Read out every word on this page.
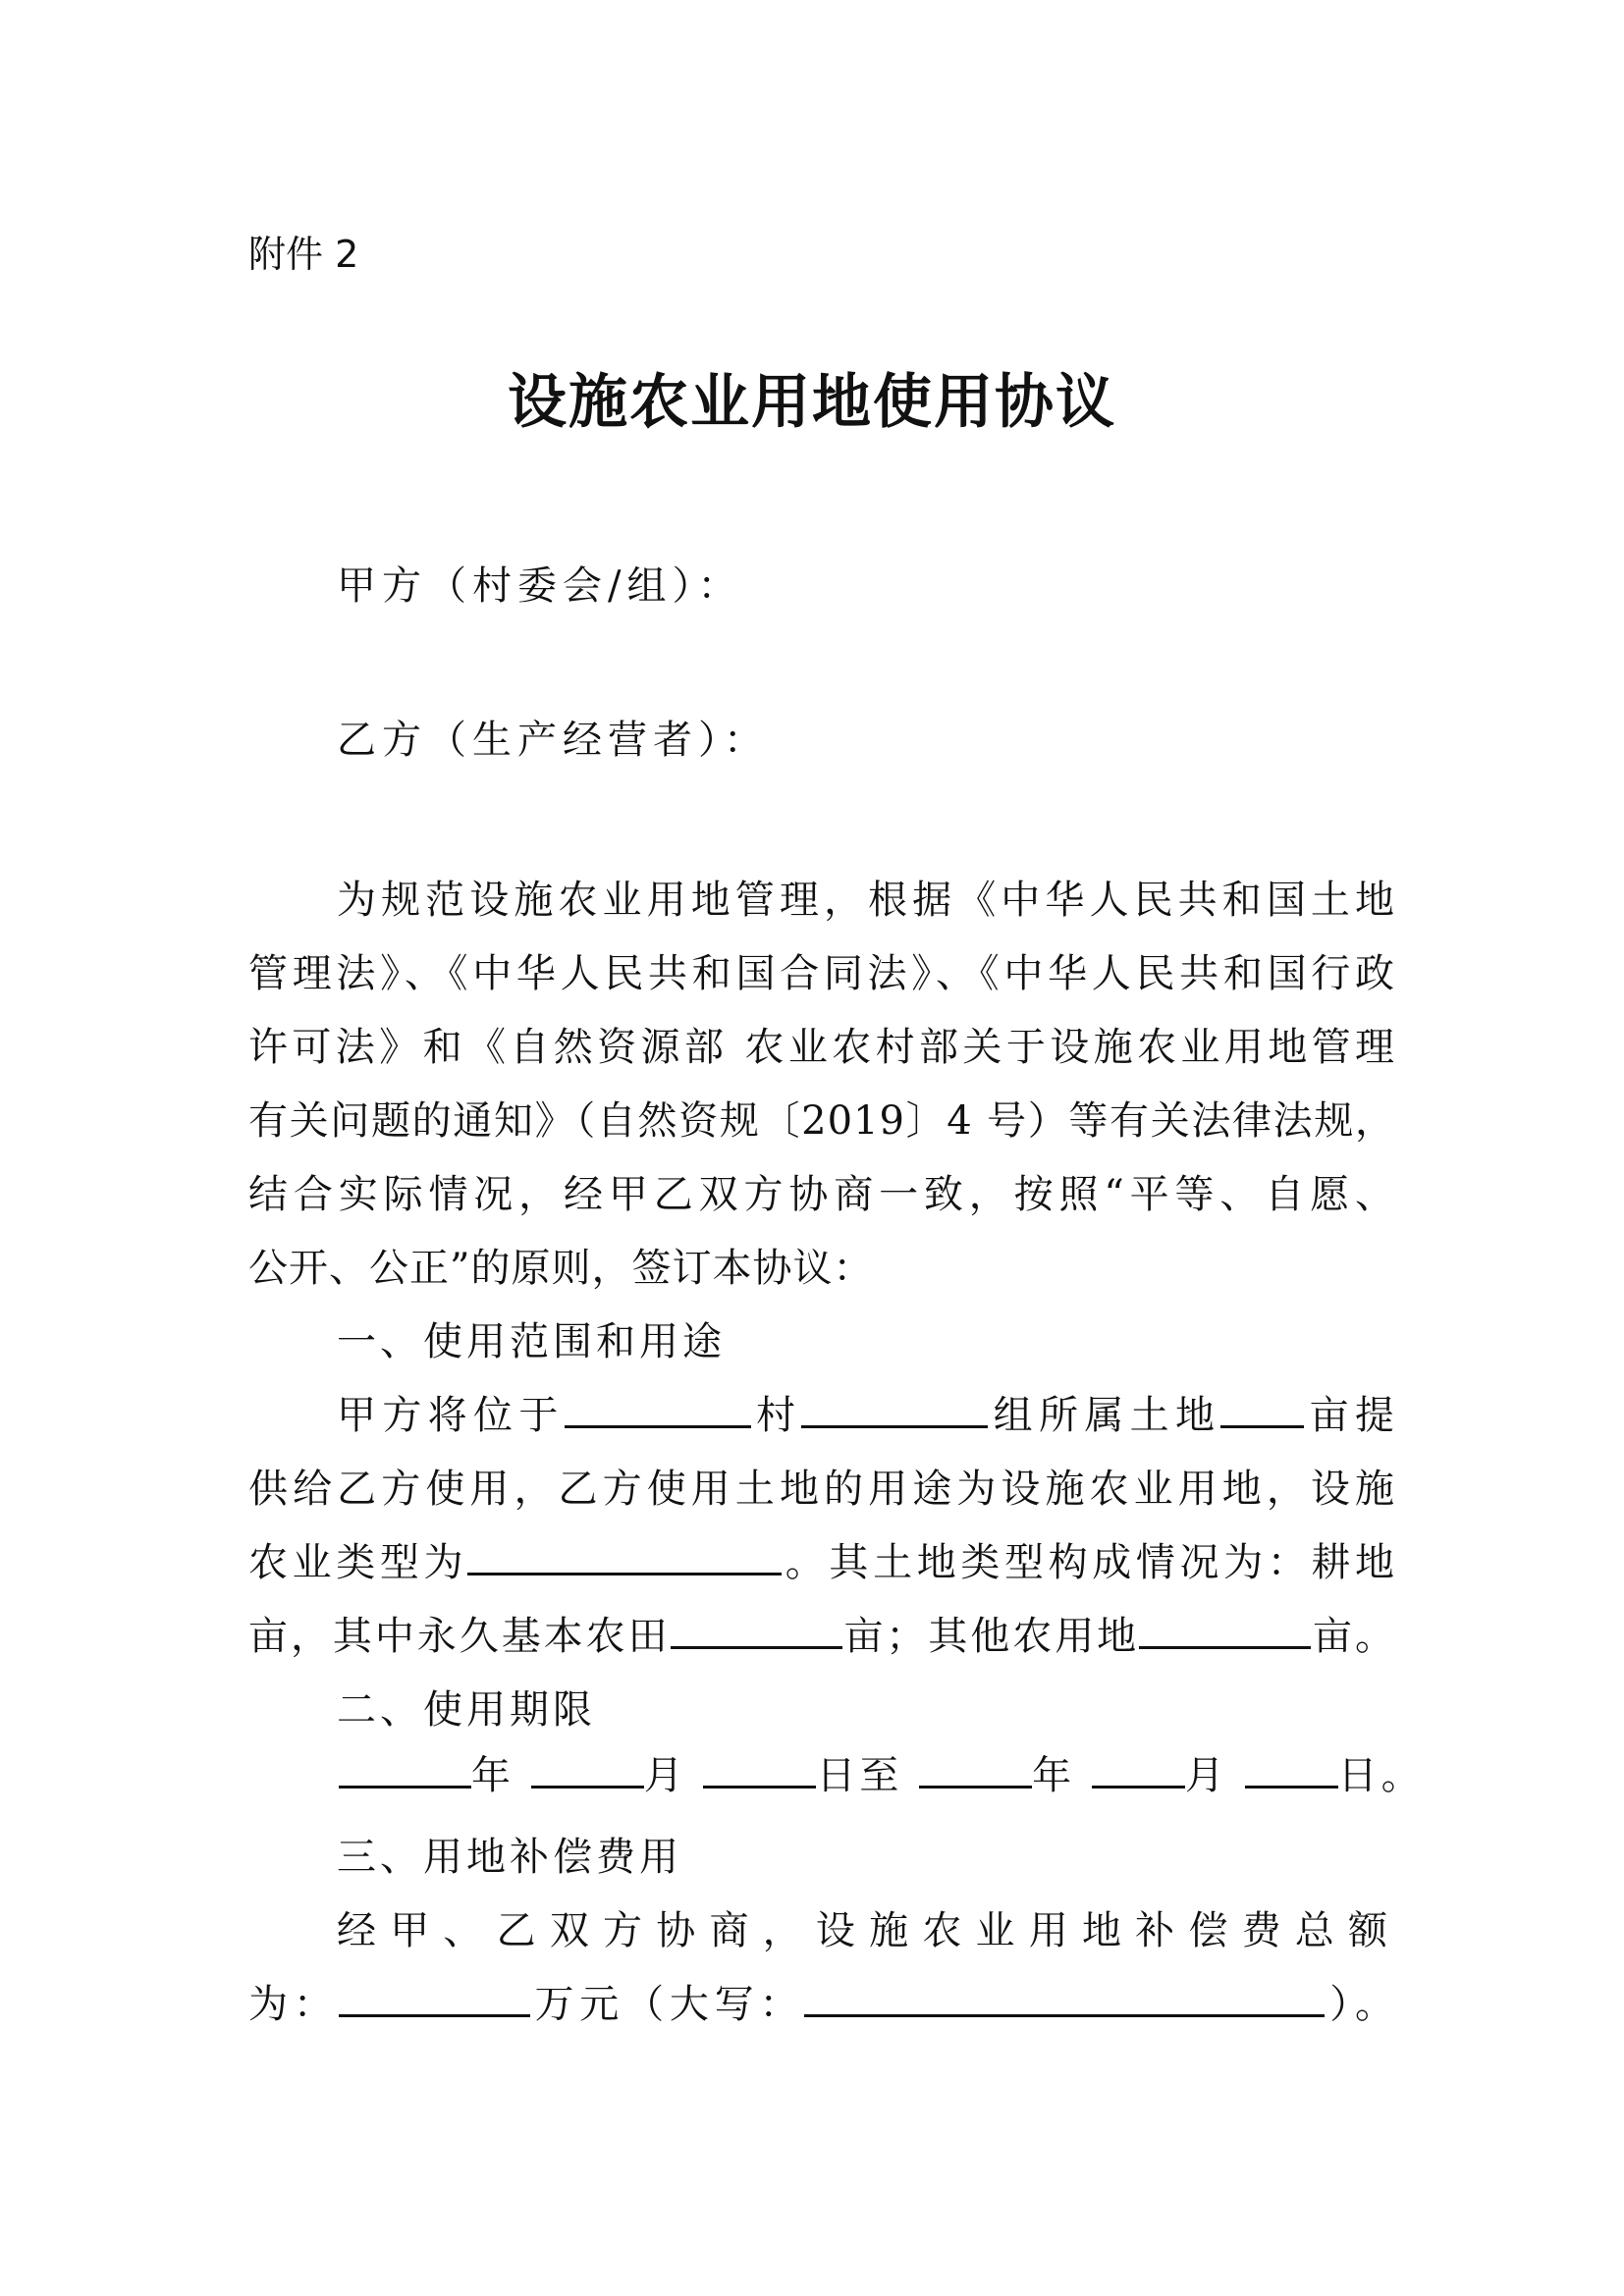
附件 2
设施农业用地使用协议
甲方（村委会/组）：
乙方（生产经营者）：
为规范设施农业用地管理，根据《中华人民共和国土地
管理法》、《中华人民共和国合同法》、《中华人民共和国行政
许可法》和《自然资源部 农业农村部关于设施农业用地管理
有关问题的通知》（自然资规〔2019〕4 号）等有关法律法规，
结合实际情况，经甲乙双方协商一致，按照“平等、自愿、
公开、公正”的原则，签订本协议：
一、使用范围和用途
甲方将位于	村	组所属土地 亩提
供给乙方使用，乙方使用土地的用途为设施农业用地，设施
农业类型为	。其土地类型构成情况为：耕地
亩，其中永久基本农田	亩；其他农用地	亩。
二、使用期限

三、用地补偿费用
经甲、乙双方协商，设施农业用地补偿费总额
为：	万元（大写：	）。
年	月	日至	年	月	日。
